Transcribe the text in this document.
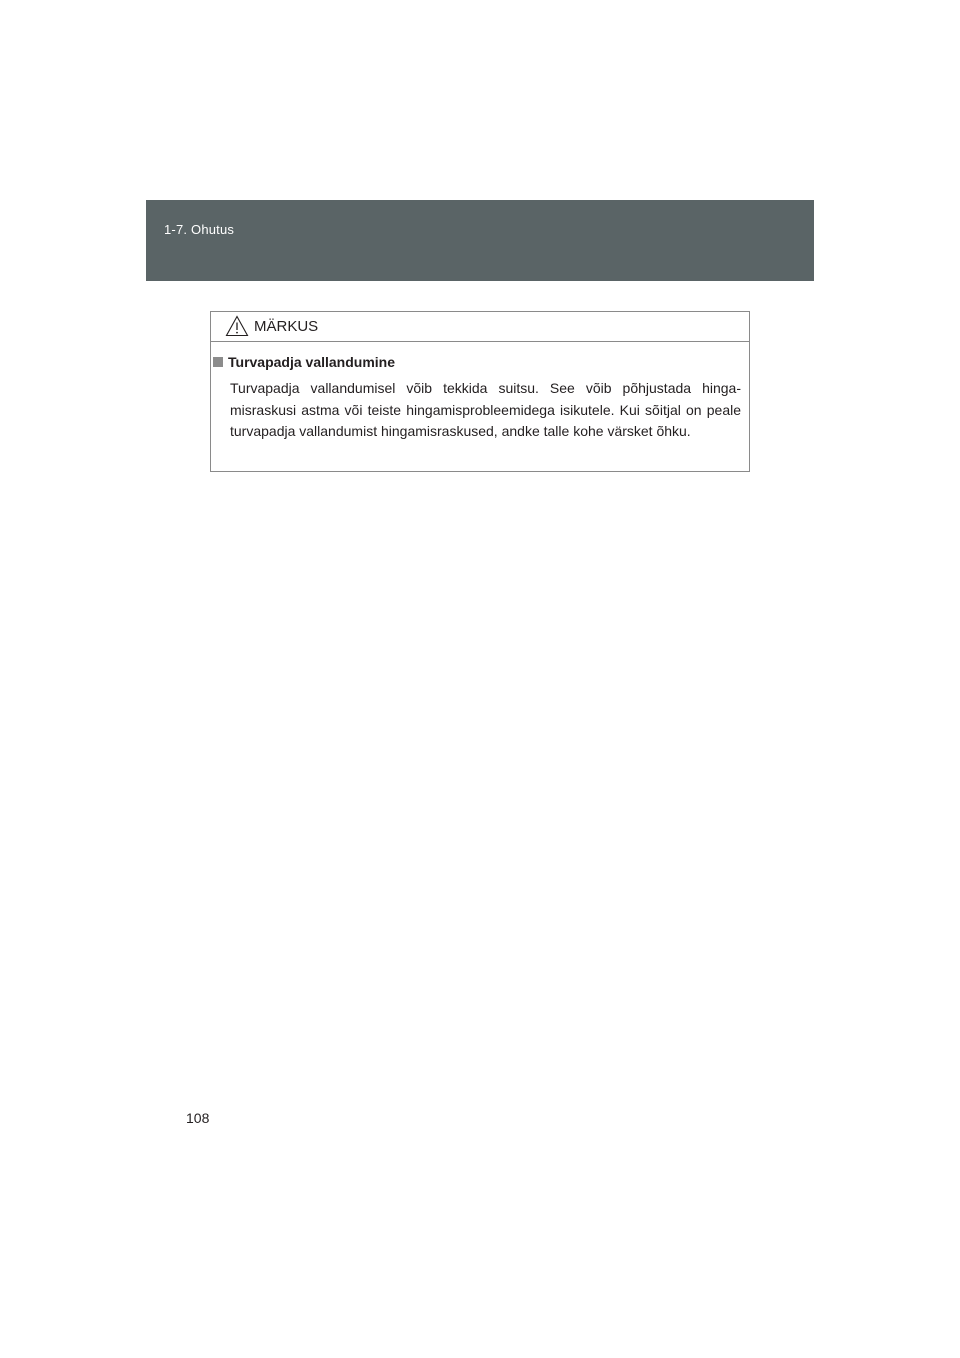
1-7. Ohutus
MÄRKUS
Turvapadja vallandumine

Turvapadja vallandumisel võib tekkida suitsu. See võib põhjustada hinga-misraskusi astma või teiste hingamisprobleemidega isikutele. Kui sõitjal on peale turvapadja vallandumist hingamisraskused, andke talle kohe värsket õhku.

108
